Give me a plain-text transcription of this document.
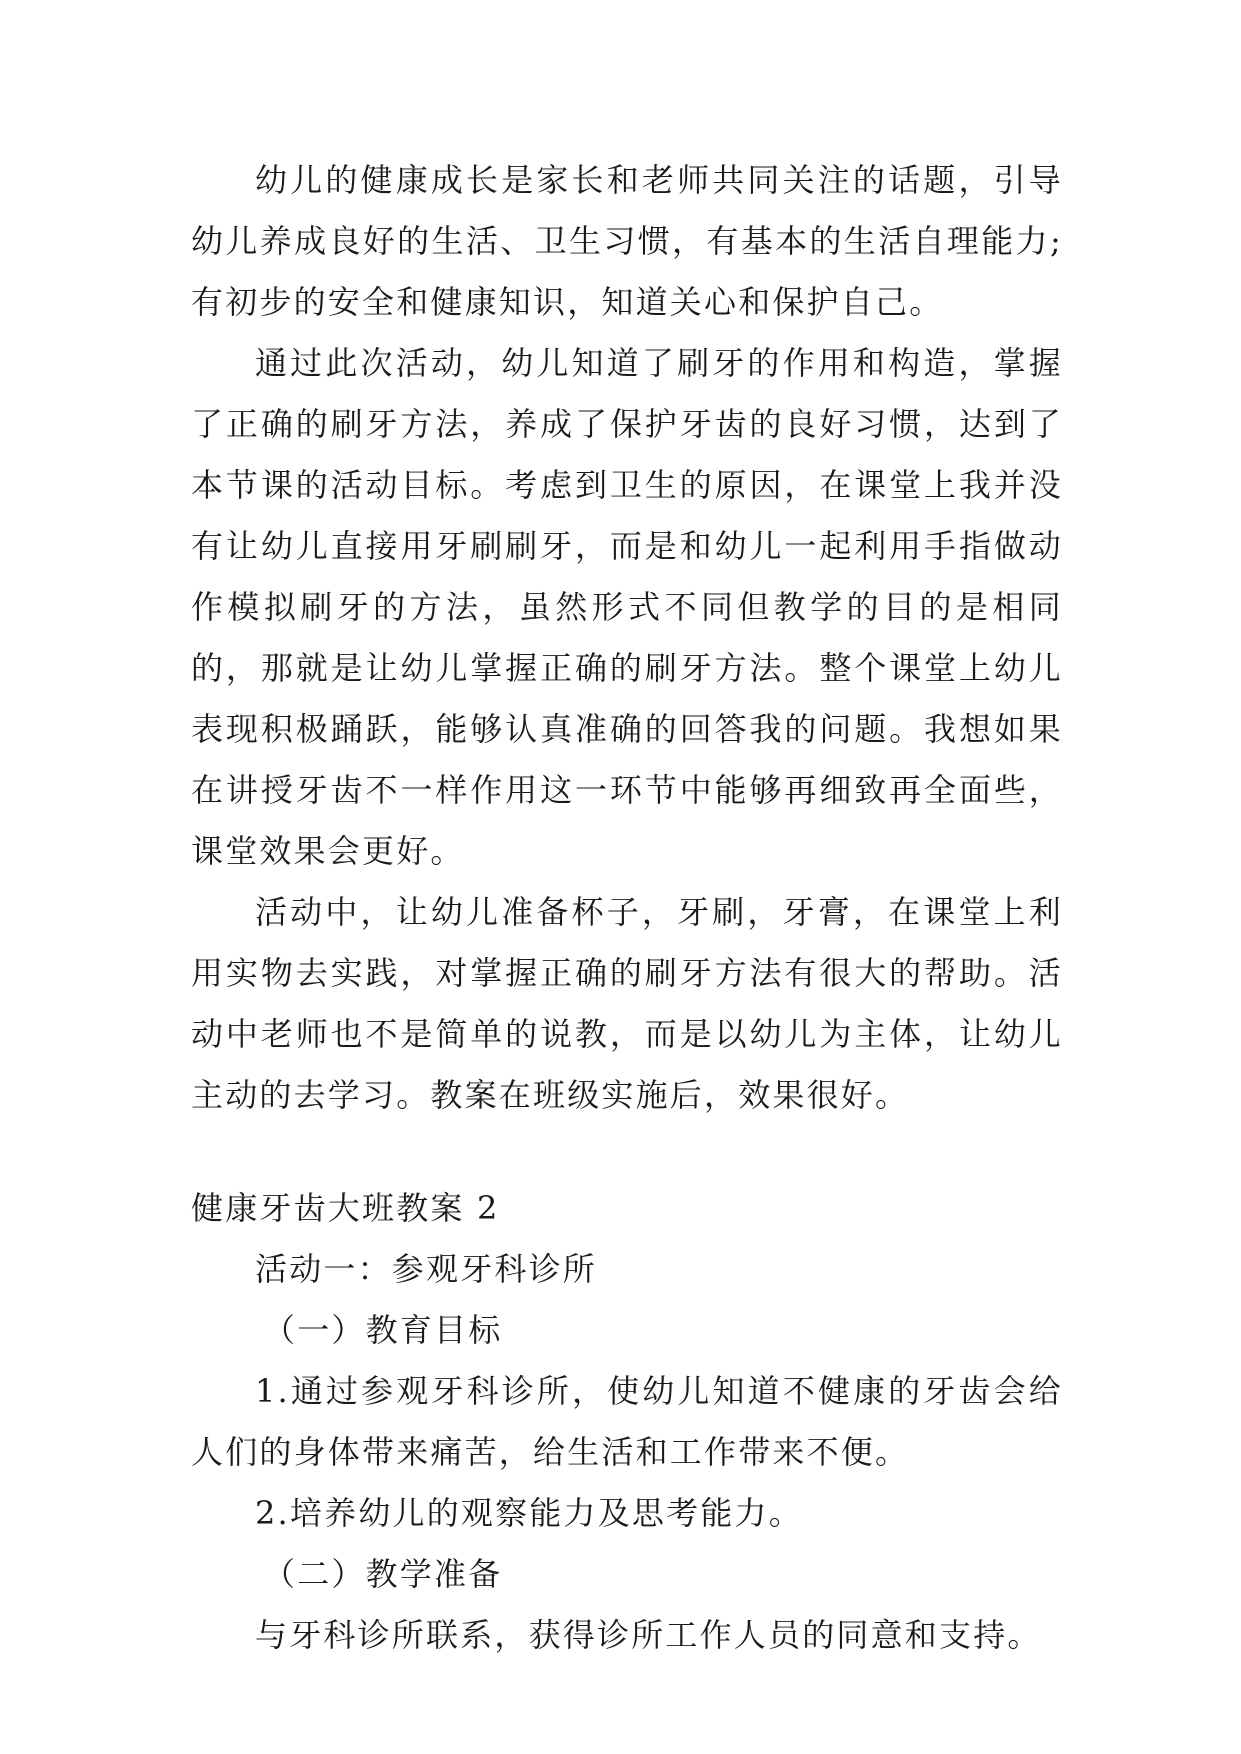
幼儿的健康成长是家长和老师共同关注的话题，引导幼儿养成良好的生活、卫生习惯，有基本的生活自理能力;有初步的安全和健康知识，知道关心和保护自己。

通过此次活动，幼儿知道了刷牙的作用和构造，掌握了正确的刷牙方法，养成了保护牙齿的良好习惯，达到了本节课的活动目标。考虑到卫生的原因，在课堂上我并没有让幼儿直接用牙刷刷牙，而是和幼儿一起利用手指做动作模拟刷牙的方法，虽然形式不同但教学的目的是相同的，那就是让幼儿掌握正确的刷牙方法。整个课堂上幼儿表现积极踊跃，能够认真准确的回答我的问题。我想如果在讲授牙齿不一样作用这一环节中能够再细致再全面些，课堂效果会更好。

活动中，让幼儿准备杯子，牙刷，牙膏，在课堂上利用实物去实践，对掌握正确的刷牙方法有很大的帮助。活动中老师也不是简单的说教，而是以幼儿为主体，让幼儿主动的去学习。教案在班级实施后，效果很好。

健康牙齿大班教案 2

活动一：参观牙科诊所

（一）教育目标

1.通过参观牙科诊所，使幼儿知道不健康的牙齿会给人们的身体带来痛苦，给生活和工作带来不便。

2.培养幼儿的观察能力及思考能力。

（二）教学准备

与牙科诊所联系，获得诊所工作人员的同意和支持。
